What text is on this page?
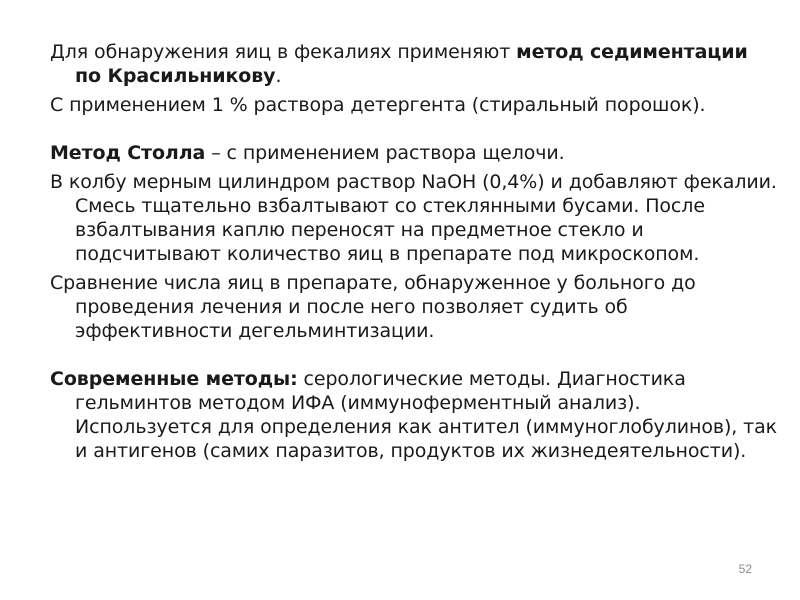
Для обнаружения яиц в фекалиях применяют метод седиментации по Красильникову.

С применением 1 % раствора детергента (стиральный порошок).

Метод Столла – с применением раствора щелочи.

В колбу мерным цилиндром раствор NaOH (0,4%) и добавляют фекалии. Смесь тщательно взбалтывают со стеклянными бусами. После взбалтывания каплю переносят на предметное стекло и подсчитывают количество яиц в препарате под микроскопом.

Сравнение числа яиц в препарате, обнаруженное у больного до проведения лечения и после него позволяет судить об эффективности дегельминтизации.

Современные методы: серологические методы. Диагностика гельминтов методом ИФА (иммуноферментный анализ). Используется для определения как антител (иммуноглобулинов), так и антигенов (самих паразитов, продуктов их жизнедеятельности).

52
